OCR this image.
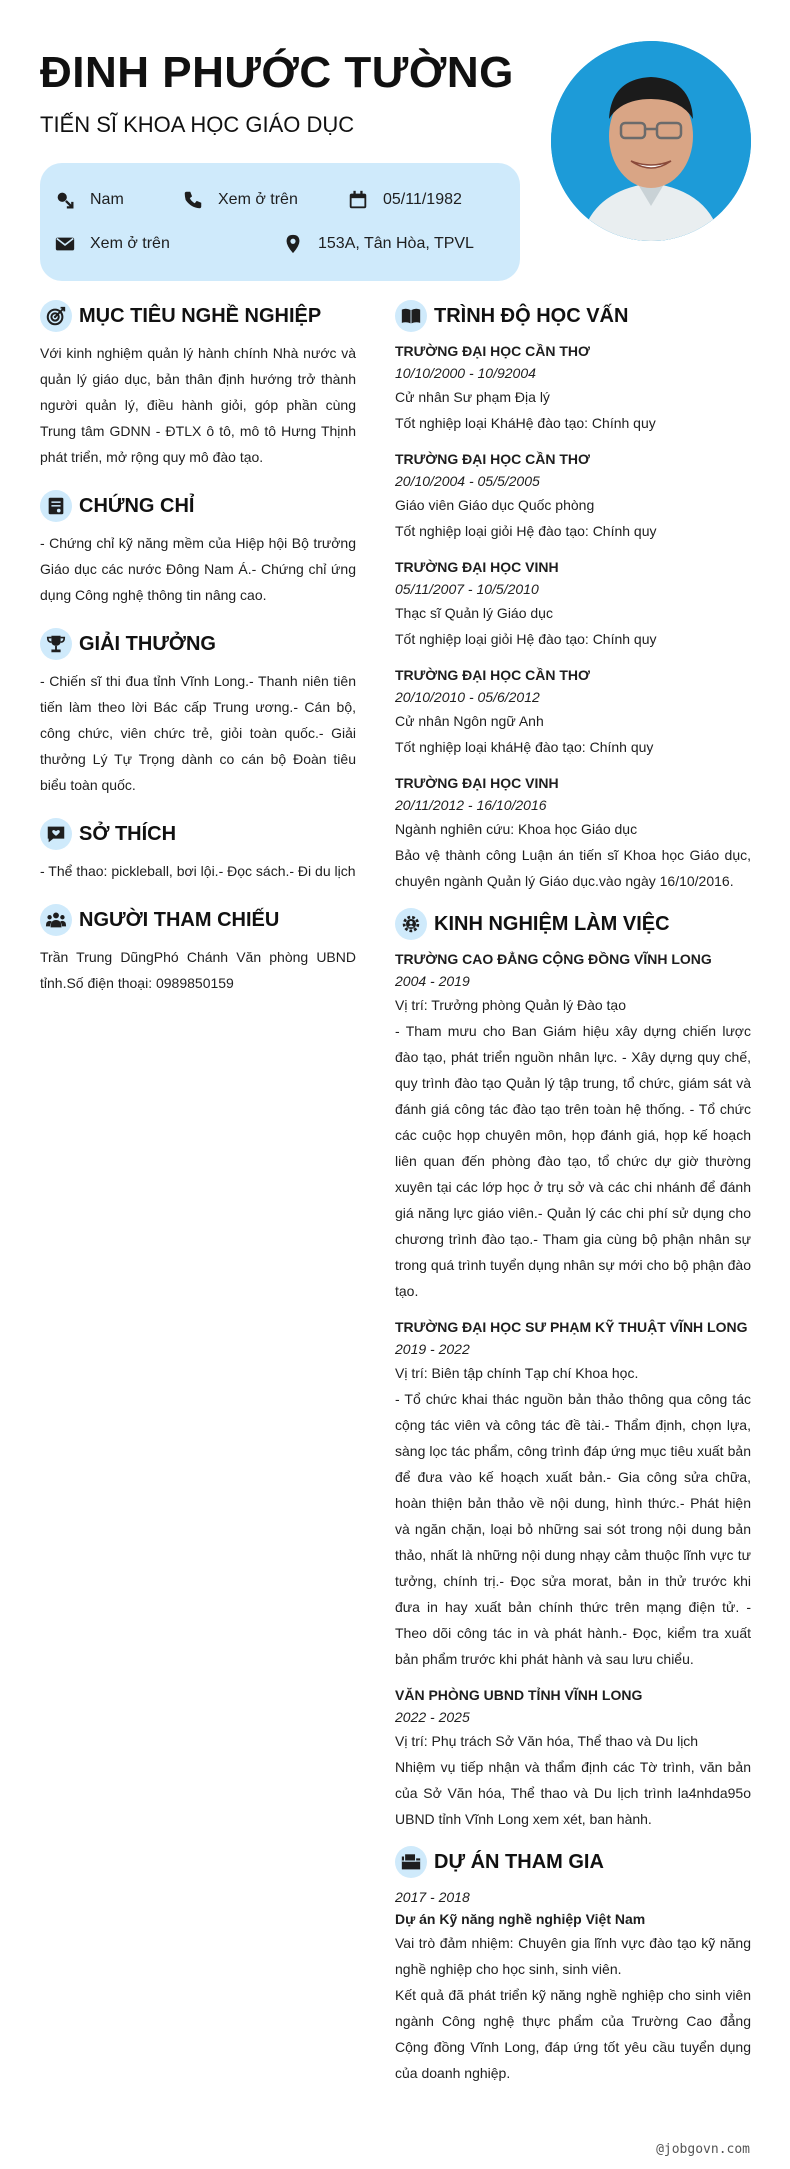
ĐINH PHƯỚC TƯỜNG
TIẾN SĨ KHOA HỌC GIÁO DỤC
Nam	Xem ở trên	05/11/1982
Xem ở trên	153A, Tân Hòa, TPVL
MỤC TIÊU NGHỀ NGHIỆP

Với kinh nghiệm quản lý hành chính Nhà nước và quản lý giáo dục, bản thân định hướng trở thành người quản lý, điều hành giỏi, góp phần cùng Trung tâm GDNN - ĐTLX ô tô, mô tô Hưng Thịnh phát triển, mở rộng quy mô đào tạo.

CHỨNG CHỈ

- Chứng chỉ kỹ năng mềm của Hiệp hội Bộ trưởng Giáo dục các nước Đông Nam Á.- Chứng chỉ ứng dụng Công nghệ thông tin nâng cao.

GIẢI THƯỞNG

- Chiến sĩ thi đua tỉnh Vĩnh Long.- Thanh niên tiên tiến làm theo lời Bác cấp Trung ương.- Cán bộ, công chức, viên chức trẻ, giỏi toàn quốc.- Giải thưởng Lý Tự Trọng dành co cán bộ Đoàn tiêu biểu toàn quốc.

SỞ THÍCH

- Thể thao: pickleball, bơi lội.- Đọc sách.- Đi du lịch

NGƯỜI THAM CHIẾU

Trần Trung DũngPhó Chánh Văn phòng UBND tỉnh.Số điện thoại: 0989850159

TRÌNH ĐỘ HỌC VẤN
TRƯỜNG ĐẠI HỌC CẦN THƠ
10/10/2000 - 10/92004
Cử nhân Sư phạm Địa lý
Tốt nghiệp loại KháHệ đào tạo: Chính quy
TRƯỜNG ĐẠI HỌC CẦN THƠ
20/10/2004 - 05/5/2005
Giáo viên Giáo dục Quốc phòng
Tốt nghiệp loại giỏi Hệ đào tạo: Chính quy
TRƯỜNG ĐẠI HỌC VINH
05/11/2007 - 10/5/2010
Thạc sĩ Quản lý Giáo dục
Tốt nghiệp loại giỏi Hệ đào tạo: Chính quy
TRƯỜNG ĐẠI HỌC CẦN THƠ
20/10/2010 - 05/6/2012
Cử nhân Ngôn ngữ Anh
Tốt nghiệp loại kháHệ đào tạo: Chính quy
TRƯỜNG ĐẠI HỌC VINH
20/11/2012 - 16/10/2016
Ngành nghiên cứu: Khoa học Giáo dục
Bảo vệ thành công Luận án tiến sĩ Khoa học Giáo dục, chuyên ngành Quản lý Giáo dục.vào ngày 16/10/2016.
KINH NGHIỆM LÀM VIỆC
TRƯỜNG CAO ĐẲNG CỘNG ĐỒNG VĨNH LONG
2004 - 2019
Vị trí: Trưởng phòng Quản lý Đào tạo
- Tham mưu cho Ban Giám hiệu xây dựng chiến lược đào tạo, phát triển nguồn nhân lực. - Xây dựng quy chế, quy trình đào tạo Quản lý tập trung, tổ chức, giám sát và đánh giá công tác đào tạo trên toàn hệ thống. - Tổ chức các cuộc họp chuyên môn, họp đánh giá, họp kế hoạch liên quan đến phòng đào tạo, tổ chức dự giờ thường xuyên tại các lớp học ở trụ sở và các chi nhánh để đánh giá năng lực giáo viên.- Quản lý các chi phí sử dụng cho chương trình đào tạo.- Tham gia cùng bộ phận nhân sự trong quá trình tuyển dụng nhân sự mới cho bộ phận đào tạo.
TRƯỜNG ĐẠI HỌC SƯ PHẠM KỸ THUẬT VĨNH LONG
2019 - 2022
Vị trí: Biên tập chính Tạp chí Khoa học.
- Tổ chức khai thác nguồn bản thảo thông qua công tác cộng tác viên và công tác đề tài.- Thẩm định, chọn lựa, sàng lọc tác phẩm, công trình đáp ứng mục tiêu xuất bản để đưa vào kế hoạch xuất bản.- Gia công sửa chữa, hoàn thiện bản thảo về nội dung, hình thức.- Phát hiện và ngăn chặn, loại bỏ những sai sót trong nội dung bản thảo, nhất là những nội dung nhạy cảm thuộc lĩnh vực tư tưởng, chính trị.- Đọc sửa morat, bản in thử trước khi đưa in hay xuất bản chính thức trên mạng điện tử. - Theo dõi công tác in và phát hành.- Đọc, kiểm tra xuất bản phẩm trước khi phát hành và sau lưu chiểu.
VĂN PHÒNG UBND TỈNH VĨNH LONG
2022 - 2025
Vị trí: Phụ trách Sở Văn hóa, Thể thao và Du lịch
Nhiệm vụ tiếp nhận và thẩm định các Tờ trình, văn bản của Sở Văn hóa, Thể thao và Du lịch trình la4nhda95o UBND tỉnh Vĩnh Long xem xét, ban hành.
DỰ ÁN THAM GIA
2017 - 2018
Dự án Kỹ năng nghề nghiệp Việt Nam
Vai trò đảm nhiệm: Chuyên gia lĩnh vực đào tạo kỹ năng nghề nghiệp cho học sinh, sinh viên.
Kết quả đã phát triển kỹ năng nghề nghiệp cho sinh viên ngành Công nghệ thực phẩm của Trường Cao đẳng Cộng đồng Vĩnh Long, đáp ứng tốt yêu cầu tuyển dụng của doanh nghiệp.
@jobgovn.com
